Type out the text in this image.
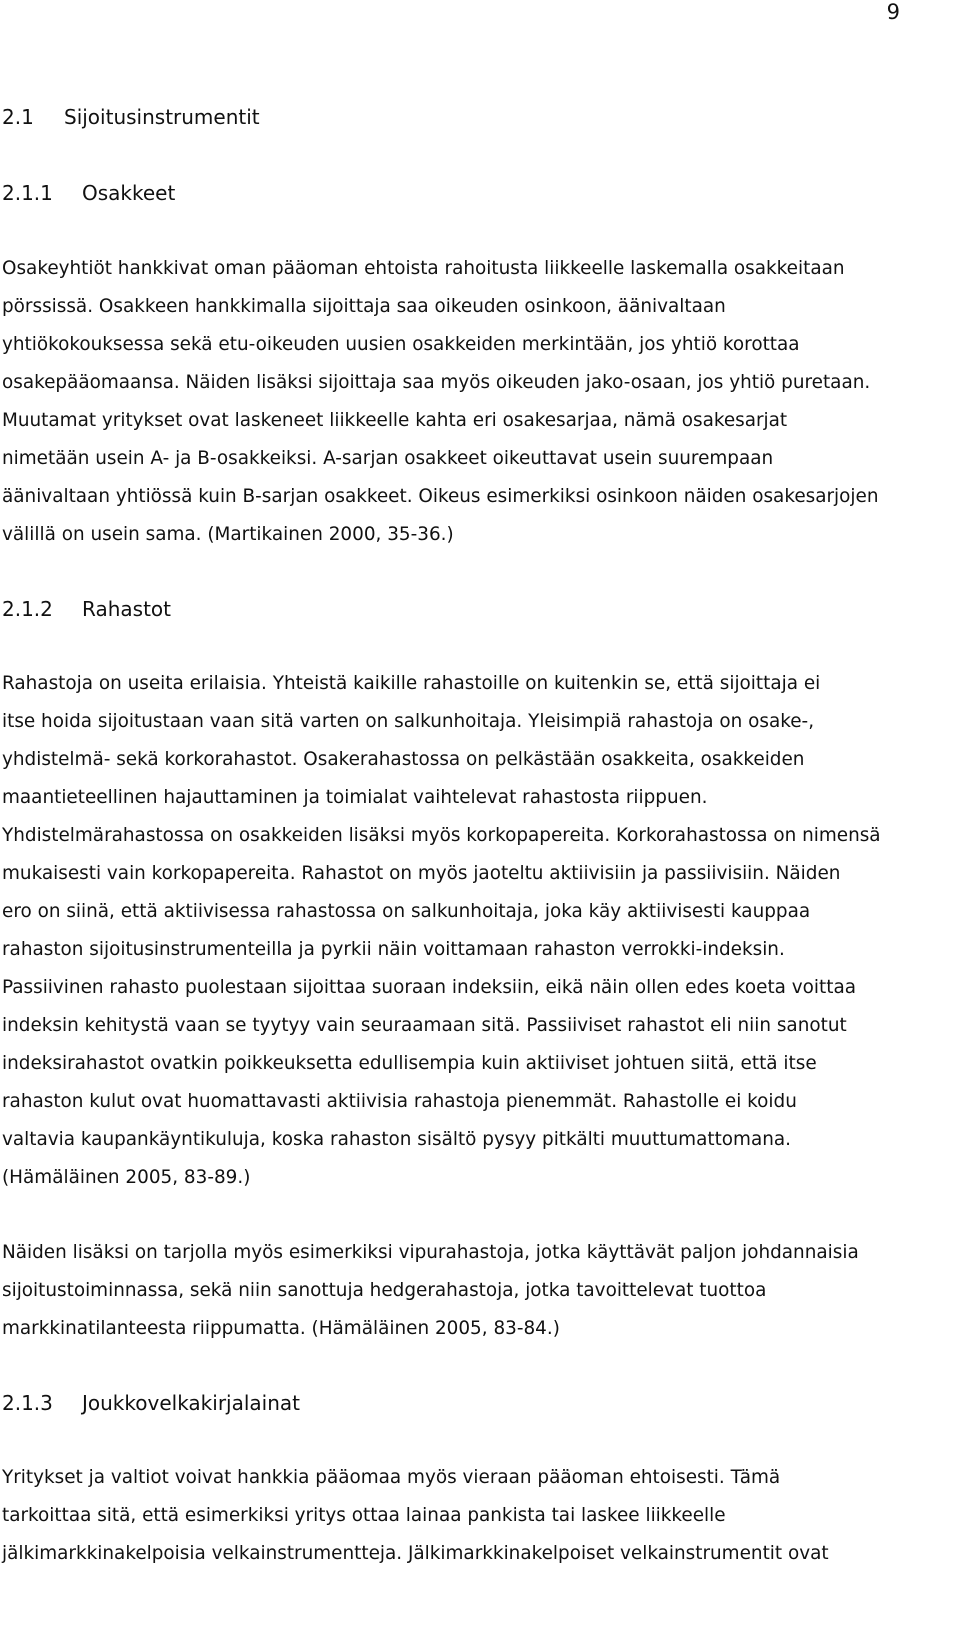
9
2.1 Sijoitusinstrumentit
2.1.1 Osakkeet
Osakeyhtiöt hankkivat oman pääoman ehtoista rahoitusta liikkeelle laskemalla osakkeitaan
pörssissä. Osakkeen hankkimalla sijoittaja saa oikeuden osinkoon, äänivaltaan
yhtiökokouksessa sekä etu-oikeuden uusien osakkeiden merkintään, jos yhtiö korottaa
osakepääomaansa. Näiden lisäksi sijoittaja saa myös oikeuden jako-osaan, jos yhtiö puretaan.
Muutamat yritykset ovat laskeneet liikkeelle kahta eri osakesarjaa, nämä osakesarjat
nimetään usein A- ja B-osakkeiksi. A-sarjan osakkeet oikeuttavat usein suurempaan
äänivaltaan yhtiössä kuin B-sarjan osakkeet. Oikeus esimerkiksi osinkoon näiden osakesarjojen
välillä on usein sama. (Martikainen 2000, 35-36.)
2.1.2 Rahastot
Rahastoja on useita erilaisia. Yhteistä kaikille rahastoille on kuitenkin se, että sijoittaja ei
itse hoida sijoitustaan vaan sitä varten on salkunhoitaja. Yleisimpiä rahastoja on osake-,
yhdistelmä- sekä korkorahastot. Osakerahastossa on pelkästään osakkeita, osakkeiden
maantieteellinen hajauttaminen ja toimialat vaihtelevat rahastosta riippuen.
Yhdistelmärahastossa on osakkeiden lisäksi myös korkopapereita. Korkorahastossa on nimensä
mukaisesti vain korkopapereita. Rahastot on myös jaoteltu aktiivisiin ja passiivisiin. Näiden
ero on siinä, että aktiivisessa rahastossa on salkunhoitaja, joka käy aktiivisesti kauppaa
rahaston sijoitusinstrumenteilla ja pyrkii näin voittamaan rahaston verrokki-indeksin.
Passiivinen rahasto puolestaan sijoittaa suoraan indeksiin, eikä näin ollen edes koeta voittaa
indeksin kehitystä vaan se tyytyy vain seuraamaan sitä. Passiiviset rahastot eli niin sanotut
indeksirahastot ovatkin poikkeuksetta edullisempia kuin aktiiviset johtuen siitä, että itse
rahaston kulut ovat huomattavasti aktiivisia rahastoja pienemmät. Rahastolle ei koidu
valtavia kaupankäyntikuluja, koska rahaston sisältö pysyy pitkälti muuttumattomana.
(Hämäläinen 2005, 83-89.)
Näiden lisäksi on tarjolla myös esimerkiksi vipurahastoja, jotka käyttävät paljon johdannaisia
sijoitustoiminnassa, sekä niin sanottuja hedgerahastoja, jotka tavoittelevat tuottoa
markkinatilanteesta riippumatta. (Hämäläinen 2005, 83-84.)
2.1.3 Joukkovelkakirjalainat
Yritykset ja valtiot voivat hankkia pääomaa myös vieraan pääoman ehtoisesti. Tämä
tarkoittaa sitä, että esimerkiksi yritys ottaa lainaa pankista tai laskee liikkeelle
jälkimarkkinakelpoisia velkainstrumentteja. Jälkimarkkinakelpoiset velkainstrumentit ovat
